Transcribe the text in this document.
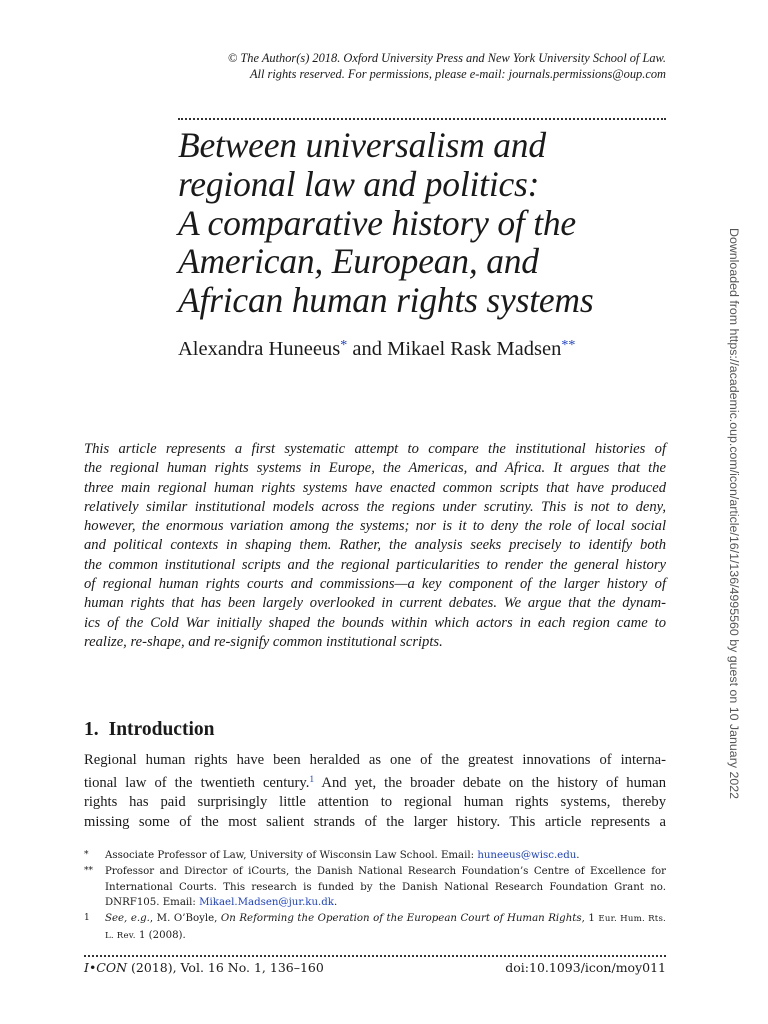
© The Author(s) 2018. Oxford University Press and New York University School of Law.
All rights reserved. For permissions, please e-mail: journals.permissions@oup.com
Between universalism and
regional law and politics:
A comparative history of the
American, European, and
African human rights systems
Alexandra Huneeus* and Mikael Rask Madsen**	Downloaded from https://academic.oup.com/icon/article/16/1/136/4995560 by guest on 10 January 2022
This article represents a first systematic attempt to compare the institutional histories of
the regional human rights systems in Europe, the Americas, and Africa. It argues that the
three main regional human rights systems have enacted common scripts that have produced
relatively similar institutional models across the regions under scrutiny. This is not to deny,
however, the enormous variation among the systems; nor is it to deny the role of local social
and political contexts in shaping them. Rather, the analysis seeks precisely to identify both
the common institutional scripts and the regional particularities to render the general history
of regional human rights courts and commissions—a key component of the larger history of
human rights that has been largely overlooked in current debates. We argue that the dynam-
ics of the Cold War initially shaped the bounds within which actors in each region came to
realize, re-shape, and re-signify common institutional scripts.
1. Introduction
Regional human rights have been heralded as one of the greatest innovations of interna-
tional law of the twentieth century.$^1$ And yet, the broader debate on the history of human
rights has paid surprisingly little attention to regional human rights systems, thereby
missing some of the most salient strands of the larger history. This article represents a
* Associate Professor of Law, University of Wisconsin Law School. Email: huneeus@wisc.edu.
** Professor and Director of iCourts, the Danish National Research Foundation’s Centre of Excellence for
International Courts. This research is funded by the Danish National Research Foundation Grant no.
DNRF105. Email: Mikael.Madsen@jur.ku.dk.
1 See, e.g., M. O’Boyle, On Reforming the Operation of the European Court of Human Rights, 1 Eur. Hum. Rts.
L. Rev. 1 (2008).
I•CON (2018), Vol. 16 No. 1, 136–160	doi:10.1093/icon/moy011
